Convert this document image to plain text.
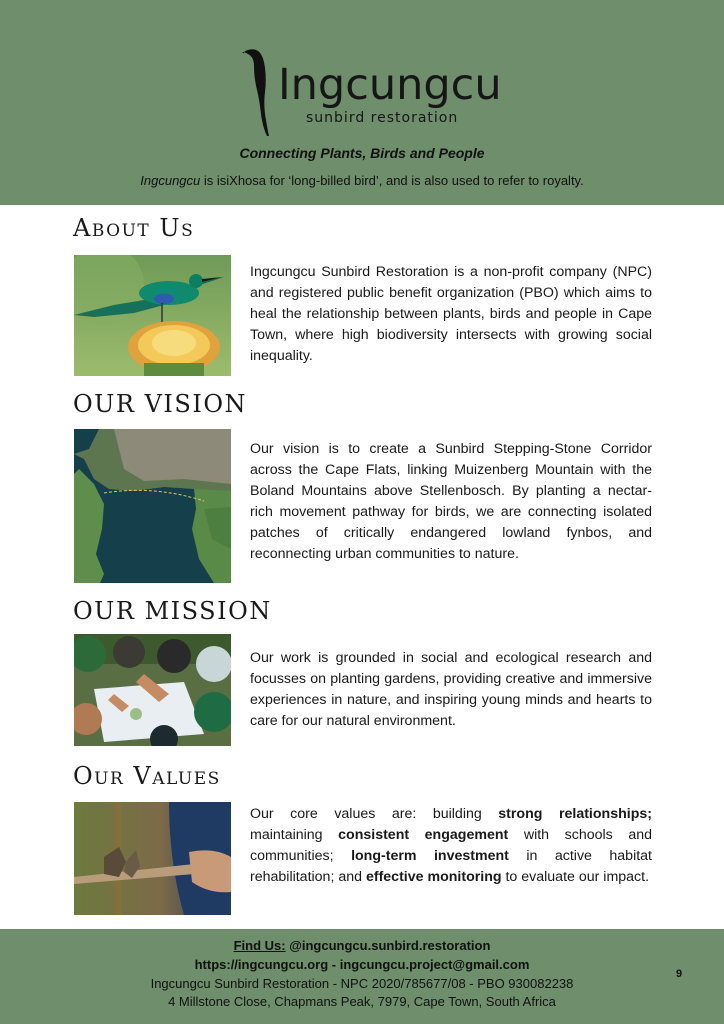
Ingcungcu
sunbird restoration
Connecting Plants, Birds and People
Ingcungcu is isiXhosa for ‘long-billed bird’, and is also used to refer to royalty.
About Us
Ingcungcu Sunbird Restoration is a non-profit company (NPC) and registered public benefit organization (PBO) which aims to heal the relationship between plants, birds and people in Cape Town, where high biodiversity intersects with growing social inequality.
OUR VISION
Our vision is to create a Sunbird Stepping-Stone Corridor across the Cape Flats, linking Muizenberg Mountain with the Boland Mountains above Stellenbosch. By planting a nectar-rich movement pathway for birds, we are connecting isolated patches of critically endangered lowland fynbos, and reconnecting urban communities to nature.
OUR MISSION
Our work is grounded in social and ecological research and focusses on planting gardens, providing creative and immersive experiences in nature, and inspiring young minds and hearts to care for our natural environment.
Our Values
Our core values are: building strong relationships; maintaining consistent engagement with schools and communities; long-term investment in active habitat rehabilitation; and effective monitoring to evaluate our impact.
Find Us: @ingcungcu.sunbird.restoration
https://ingcungcu.org - ingcungcu.project@gmail.com
Ingcungcu Sunbird Restoration - NPC 2020/785677/08 - PBO 930082238
4 Millstone Close, Chapmans Peak, 7979, Cape Town, South Africa
9
